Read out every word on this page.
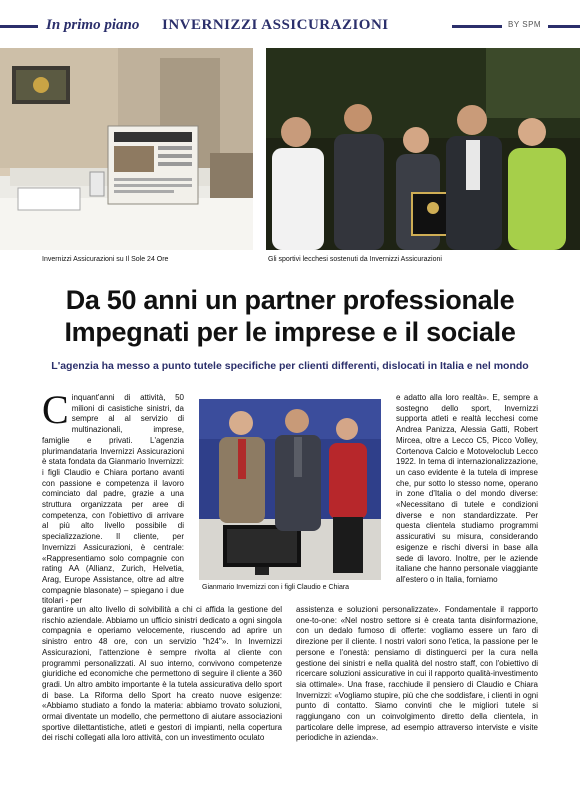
In primo piano INVERNIZZI ASSICURAZIONI	BY SPM
Invernizzi Assicurazioni su Il Sole 24 Ore	Gli sportivi lecchesi sostenuti da Invernizzi Assicurazioni
Da 50 anni un partner professionale
Impegnati per le imprese e il sociale
L'agenzia ha messo a punto tutele specifiche per clienti differenti, dislocati in Italia e nel mondo
C inquant'anni di attività, 50 milioni di casistiche sinistri, da sempre al al servizio di multinazionali, imprese, famiglie e privati. L'agenzia plurimandataria Invernizzi Assicurazioni è stata fondata da Gianmario Invernizzi: i figli Claudio e Chiara portano avanti con passione e competenza il lavoro cominciato dal padre, grazie a una struttura organizzata per aree di competenza, con l'obiettivo di arrivare al più alto livello possibile di specializzazione. Il cliente, per Invernizzi Assicurazioni, è centrale: «Rappresentiamo solo compagnie con rating AA (Allianz, Zurich, Helvetia, Arag, Europe Assistance, oltre ad altre compagnie blasonate) – spiegano i due titolari - per
Gianmario Invernizzi con i figli Claudio e Chiara
e adatto alla loro realtà». E, sempre a sostegno dello sport, Invernizzi supporta atleti e realtà lecchesi come Andrea Panizza, Alessia Gatti, Robert Mircea, oltre a Lecco C5, Picco Volley, Cortenova Calcio e Motoveloclub Lecco 1922. In tema di internazionalizzazione, un caso evidente è la tutela di imprese che, pur sotto lo stesso nome, operano in zone d'Italia o del mondo diverse: «Necessitano di tutele e condizioni diverse e non standardizzate. Per questa clientela studiamo programmi assicurativi su misura, considerando esigenze e rischi diversi in base alla sede di lavoro. Inoltre, per le aziende italiane che hanno personale viaggiante all'estero o in Italia, forniamo
garantire un alto livello di solvibilità a chi ci affida la gestione del rischio aziendale. Abbiamo un ufficio sinistri dedicato a ogni singola compagnia e operiamo velocemente, riuscendo ad aprire un sinistro entro 48 ore, con un servizio "h24"». In Invernizzi Assicurazioni, l'attenzione è sempre rivolta al cliente con programmi personalizzati. Al suo interno, convivono competenze giuridiche ed economiche che permettono di seguire il cliente a 360 gradi. Un altro ambito importante è la tutela assicurativa dello sport di base. La Riforma dello Sport ha creato nuove esigenze: «Abbiamo studiato a fondo la materia: abbiamo trovato soluzioni, ormai diventate un modello, che permettono di aiutare associazioni sportive dilettantistiche, atleti e gestori di impianti, nella copertura dei rischi collegati alla loro attività, con un investimento oculato
assistenza e soluzioni personalizzate». Fondamentale il rapporto one-to-one: «Nel nostro settore si è creata tanta disinformazione, con un dedalo fumoso di offerte: vogliamo essere un faro di direzione per il cliente. I nostri valori sono l'etica, la passione per le persone e l'onestà: pensiamo di distinguerci per la cura nella gestione dei sinistri e nella qualità del nostro staff, con l'obiettivo di ricercare soluzioni assicurative in cui il rapporto qualità-investimento sia ottimale». Una frase, racchiude il pensiero di Claudio e Chiara Invernizzi: «Vogliamo stupire, più che che soddisfare, i clienti in ogni punto di contatto. Siamo convinti che le migliori tutele si raggiungano con un coinvolgimento diretto della clientela, in particolare delle imprese, ad esempio attraverso interviste e visite periodiche in azienda».
